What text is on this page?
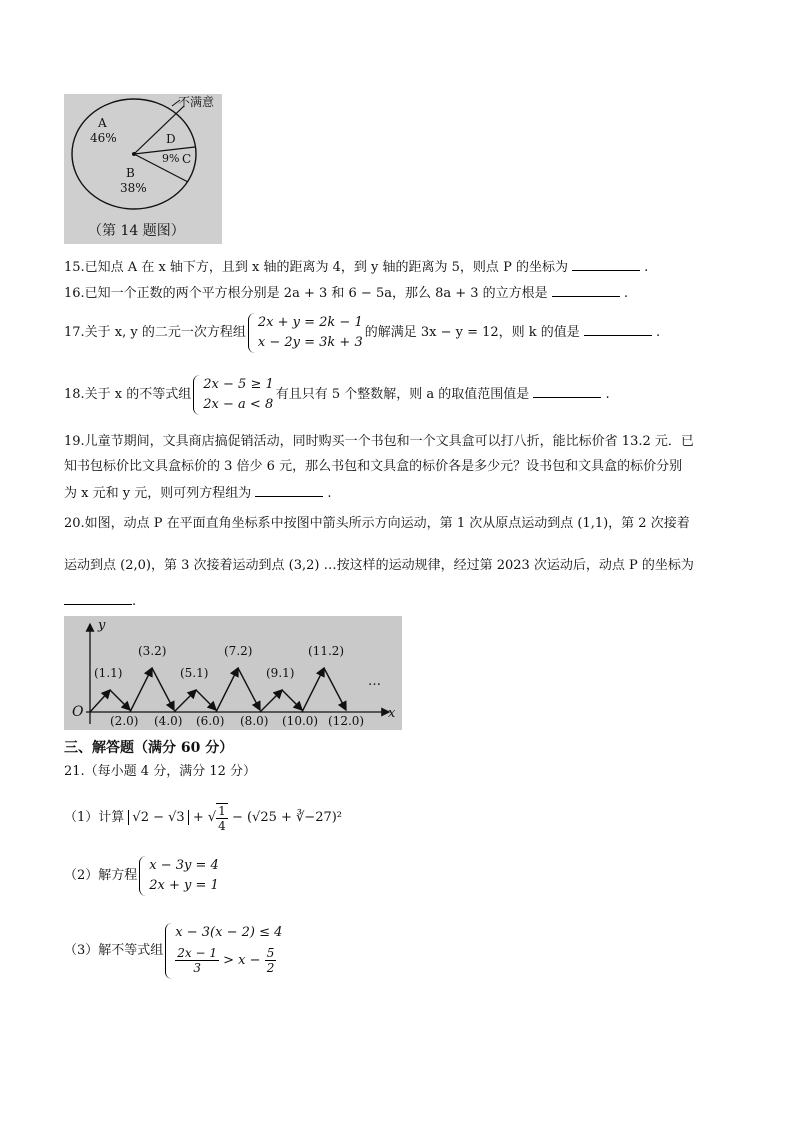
不满意
A
46%	D
9% C
B
38%
（第 14 题图）
15.已知点 A 在 x 轴下方，且到 x 轴的距离为 4，到 y 轴的距离为 5，则点 P 的坐标为	.
16.已知一个正数的两个平方根分别是 2a + 3 和 6 − 5a，那么 8a + 3 的立方根是	.
17.关于 x, y 的二元一次方程组
2x + y = 2k − 1
x − 2y = 3k + 3
的解满足 3x − y = 12，则 k 的值是	.
18.关于 x 的不等式组
2x − 5 ≥ 1
2x − a < 8
有且只有 5 个整数解，则 a 的取值范围值是	.
19.儿童节期间，文具商店搞促销活动，同时购买一个书包和一个文具盒可以打八折，能比标价省 13.2 元．已
知书包标价比文具盒标价的 3 倍少 6 元，那么书包和文具盒的标价各是多少元？设书包和文具盒的标价分别
为 x 元和 y 元，则可列方程组为	.
20.如图，动点 P 在平面直角坐标系中按图中箭头所示方向运动，第 1 次从原点运动到点 (1,1)，第 2 次接着
运动到点 (2,0)，第 3 次接着运动到点 (3,2) …按这样的运动规律，经过第 2023 次运动后，动点 P 的坐标为
.
O	x
y
…
(1.1)
(3.2)
(5.1)
(7.2)
(9.1)
(11.2)
(2.0) (4.0) (6.0) (8.0) (10.0) (12.0)
三、解答题（满分 60 分）
21.（每小题 4 分，满分 12 分）
（1）计算 √2 − √3 + √ $\frac{1}{4} - (√25$ + ∛−27)²
（2）解方程
x − 3y = 4
2x + y = 1
（3）解不等式组
x − 3(x − 2) ≤ 4
$\frac{2x - 1}{3} > x - \frac{5}{2}$
